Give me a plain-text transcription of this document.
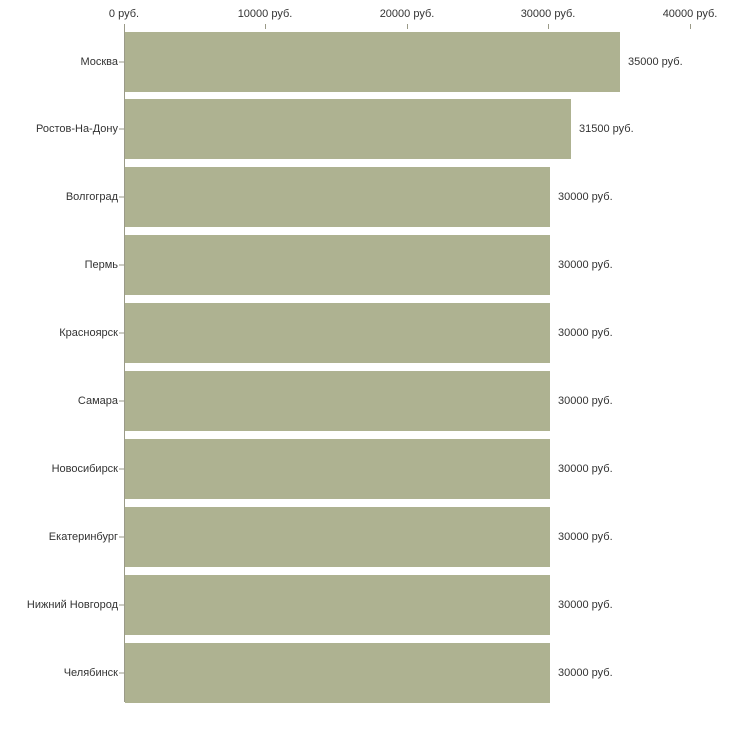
0 руб.	10000 руб.	20000 руб.	30000 руб.	40000 руб.
Москва	35000 руб.
Ростов-На-Дону	31500 руб.
Волгоград	30000 руб.
Пермь	30000 руб.
Красноярск	30000 руб.
Самара	30000 руб.
Новосибирск	30000 руб.
Екатеринбург	30000 руб.
Нижний Новгород	30000 руб.
Челябинск	30000 руб.
